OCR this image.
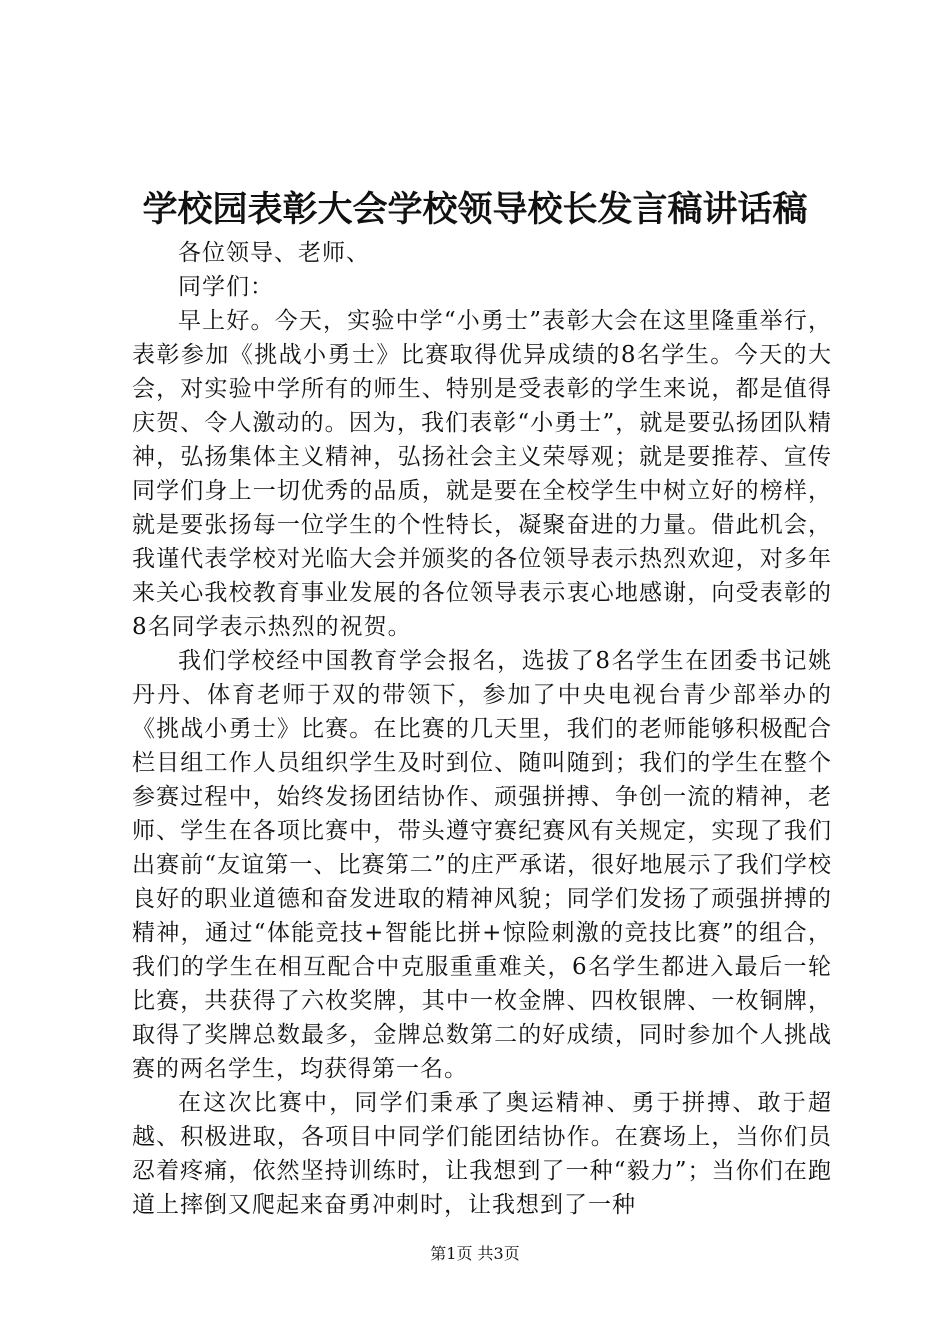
学校园表彰大会学校领导校长发言稿讲话稿

各位领导、老师、

同学们：

早上好。今天，实验中学“小勇士”表彰大会在这里隆重举行，表彰参加《挑战小勇士》比赛取得优异成绩的8名学生。今天的大会，对实验中学所有的师生、特别是受表彰的学生来说，都是值得庆贺、令人激动的。因为，我们表彰“小勇士”，就是要弘扬团队精神，弘扬集体主义精神，弘扬社会主义荣辱观；就是要推荐、宣传同学们身上一切优秀的品质，就是要在全校学生中树立好的榜样，就是要张扬每一位学生的个性特长，凝聚奋进的力量。借此机会，我谨代表学校对光临大会并颁奖的各位领导表示热烈欢迎，对多年来关心我校教育事业发展的各位领导表示衷心地感谢，向受表彰的8名同学表示热烈的祝贺。

我们学校经中国教育学会报名，选拔了8名学生在团委书记姚丹丹、体育老师于双的带领下，参加了中央电视台青少部举办的《挑战小勇士》比赛。在比赛的几天里，我们的老师能够积极配合栏目组工作人员组织学生及时到位、随叫随到；我们的学生在整个参赛过程中，始终发扬团结协作、顽强拼搏、争创一流的精神，老师、学生在各项比赛中，带头遵守赛纪赛风有关规定，实现了我们出赛前“友谊第一、比赛第二”的庄严承诺，很好地展示了我们学校良好的职业道德和奋发进取的精神风貌；同学们发扬了顽强拼搏的精神，通过“体能竞技+智能比拼+惊险刺激的竞技比赛”的组合，我们的学生在相互配合中克服重重难关，6名学生都进入最后一轮比赛，共获得了六枚奖牌，其中一枚金牌、四枚银牌、一枚铜牌，取得了奖牌总数最多，金牌总数第二的好成绩，同时参加个人挑战赛的两名学生，均获得第一名。

在这次比赛中，同学们秉承了奥运精神、勇于拼搏、敢于超越、积极进取，各项目中同学们能团结协作。在赛场上，当你们员忍着疼痛，依然坚持训练时，让我想到了一种“毅力”；当你们在跑道上摔倒又爬起来奋勇冲刺时，让我想到了一种

第1页 共3页
